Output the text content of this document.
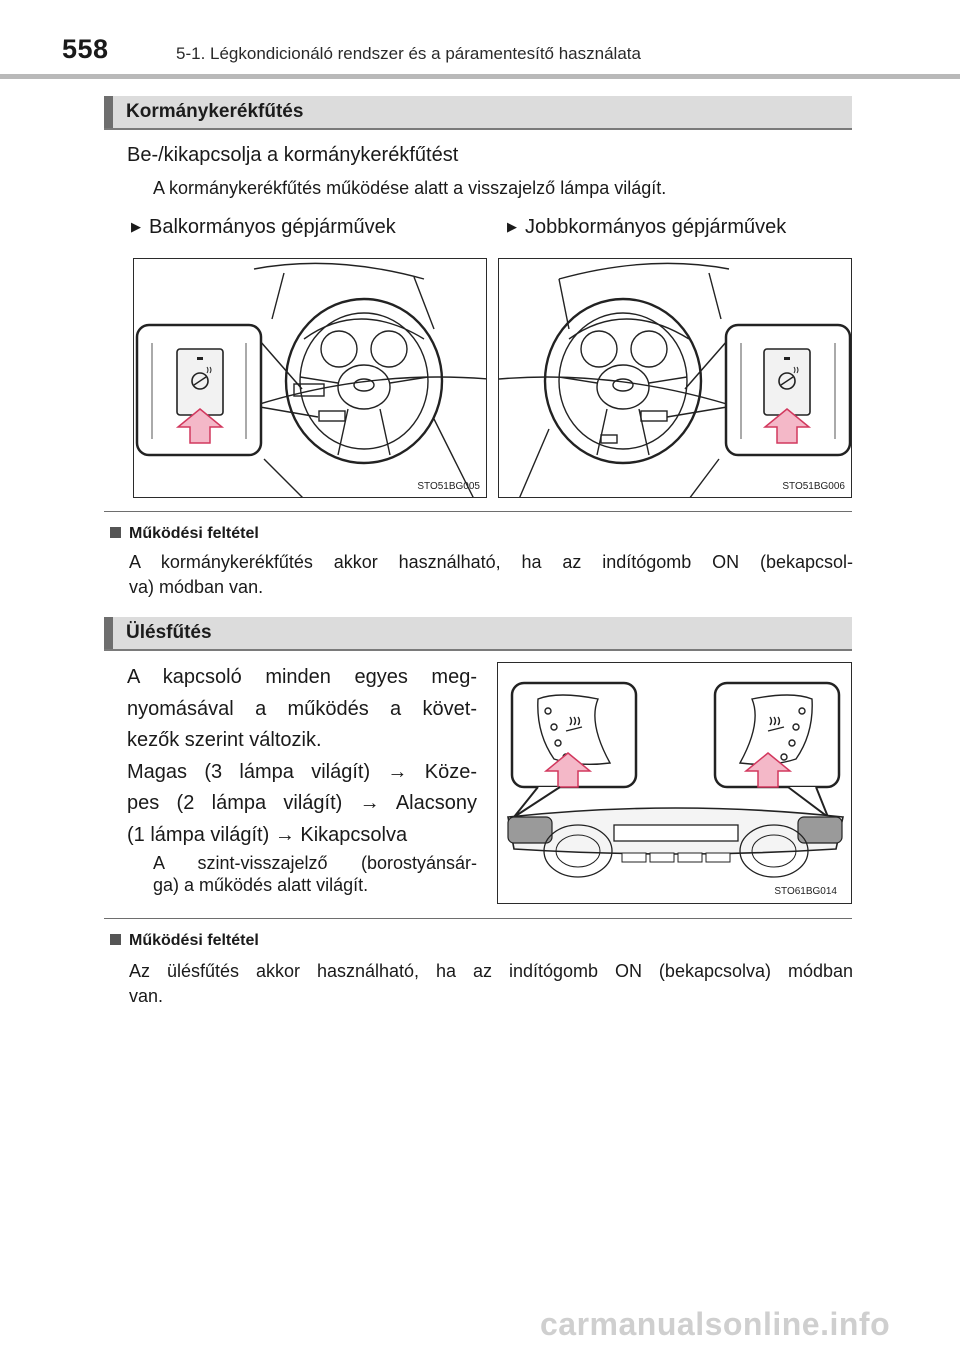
558	5-1. Légkondicionáló rendszer és a páramentesítő használata
Kormánykerékfűtés
Be-/kikapcsolja a kormánykerékfűtést
A kormánykerékfűtés működése alatt a visszajelző lámpa világít.
▶ Balkormányos gépjárművek	▶ Jobbkormányos gépjárművek
STO51BG005	STO51BG006
Működési feltétel
A kormánykerékfűtés akkor használható, ha az indítógomb ON (bekapcsol-
va) módban van.
Ülésfűtés
A kapcsoló minden egyes meg-
nyomásával a működés a követ-
kezők szerint változik.
Magas (3 lámpa világít) → Köze-
pes (2 lámpa világít) → Alacsony
(1 lámpa világít) → Kikapcsolva
A szint-visszajelző (borostyánsár-
ga) a működés alatt világít.	STO61BG014
Működési feltétel
Az ülésfűtés akkor használható, ha az indítógomb ON (bekapcsolva) módban
van.
carmanualsonline.info
